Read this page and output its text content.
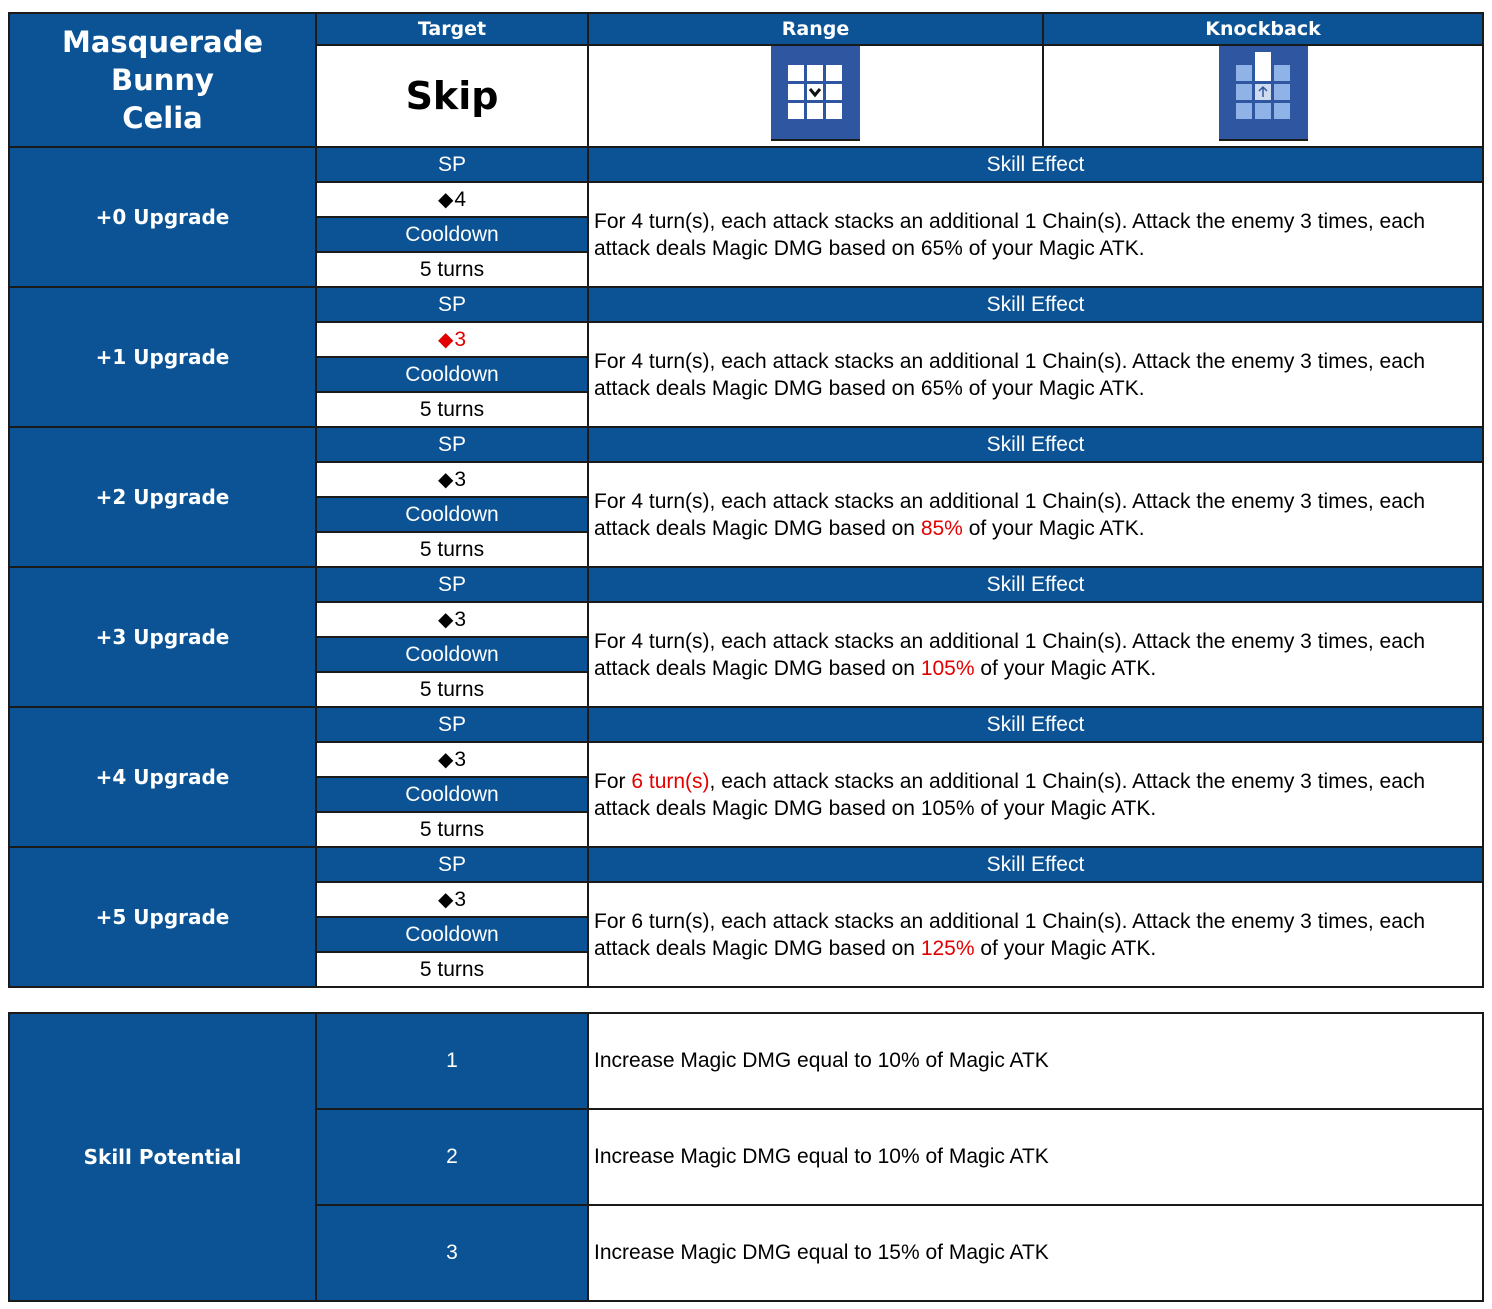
Masquerade Bunny
Celia	Target	Range	Knockback
	Skip	

+0 Upgrade	SP	Skill Effect	
	◆4	For 4 turn(s), each attack stacks an additional 1 Chain(s). Attack the enemy 3 times, each attack deals Magic DMG based on 65% of your Magic ATK.	
	Cooldown		
	5 turns		
+1 Upgrade	SP	Skill Effect	
	◆3	For 4 turn(s), each attack stacks an additional 1 Chain(s). Attack the enemy 3 times, each attack deals Magic DMG based on 65% of your Magic ATK.	
	Cooldown		
	5 turns		
+2 Upgrade	SP	Skill Effect	
	◆3	For 4 turn(s), each attack stacks an additional 1 Chain(s). Attack the enemy 3 times, each attack deals Magic DMG based on 85% of your Magic ATK.	
	Cooldown		
	5 turns		
+3 Upgrade	SP	Skill Effect	
	◆3	For 4 turn(s), each attack stacks an additional 1 Chain(s). Attack the enemy 3 times, each attack deals Magic DMG based on 105% of your Magic ATK.	
	Cooldown		
	5 turns		
+4 Upgrade	SP	Skill Effect	
	◆3	For 6 turn(s), each attack stacks an additional 1 Chain(s). Attack the enemy 3 times, each attack deals Magic DMG based on 105% of your Magic ATK.	
	Cooldown		
	5 turns		
+5 Upgrade	SP	Skill Effect	
	◆3	For 6 turn(s), each attack stacks an additional 1 Chain(s). Attack the enemy 3 times, each attack deals Magic DMG based on 125% of your Magic ATK.	
	Cooldown		
	5 turns		
Skill Potential	1	Increase Magic DMG equal to 10% of Magic ATK
	2	Increase Magic DMG equal to 10% of Magic ATK
	3	Increase Magic DMG equal to 15% of Magic ATK
